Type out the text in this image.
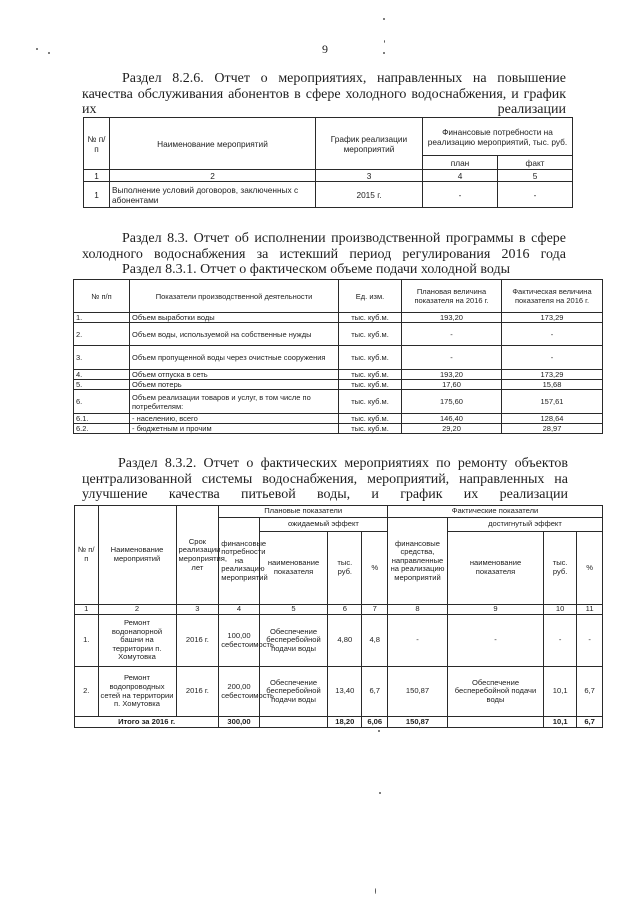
9
Раздел 8.2.6. Отчет о мероприятиях, направленных на повышение качества обслуживания абонентов в сфере холодного водоснабжения, и график их реализации
№ п/п	Наименование мероприятий	График реализации мероприятий	Финансовые потребности на реализацию мероприятий, тыс. руб.	
			план	факт
1	2	3	4	5
1	Выполнение условий договоров, заключенных с абонентами	2015 г.	-	-
Раздел 8.3. Отчет об исполнении производственной программы в сфере холодного водоснабжения за истекший период регулирования 2016 года
Раздел 8.3.1. Отчет о фактическом объеме подачи холодной воды
№ п/п	Показатели производственной деятельности	Ед. изм.	Плановая величина показателя на 2016 г.	Фактическая величина показателя на 2016 г.
1.	Объем выработки воды	тыс. куб.м.	193,20	173,29
2.	Объем воды, используемой на собственные нужды	тыс. куб.м.	-	-
3.	Объем пропущенной воды через очистные сооружения	тыс. куб.м.	-	-
4.	Объем отпуска в сеть	тыс. куб.м.	193,20	173,29
5.	Объем потерь	тыс. куб.м.	17,60	15,68
6.	Объем реализации товаров и услуг, в том числе по потребителям:	тыс. куб.м.	175,60	157,61
6.1.	- населению, всего	тыс. куб.м.	146,40	128,64
6.2.	- бюджетным и прочим	тыс. куб.м.	29,20	28,97
Раздел 8.3.2. Отчет о фактических мероприятиях по ремонту объектов централизованной системы водоснабжения, мероприятий, направленных на улучшение качества питьевой воды, и график их реализации
№ п/ п	Наименование мероприятий	Срок реализации мероприятия, лет	Плановые показатели				Фактические показатели			
			финансовые потребности на реализацию мероприятий	ожидаемый эффект			финансовые средства, направленные на реализацию мероприятий	достигнутый эффект		
				наименование показателя	тыс. руб.	%		наименование показателя	тыс. руб.	%
1	2	3	4	5	6	7	8	9	10	11
1.	Ремонт водонапорной башни на территории п. Хомутовка	2016 г.	100,00 себестоимость	Обеспечение бесперебойной подачи воды	4,80	4,8	-	-	-	-
2.	Ремонт водопроводных сетей на территории п. Хомутовка	2016 г.	200,00 себестоимость	Обеспечение бесперебойной подачи воды	13,40	6,7	150,87	Обеспечение бесперебойной подачи воды	10,1	6,7
Итого за 2016 г.			300,00		18,20	6,06	150,87		10,1	6,7
